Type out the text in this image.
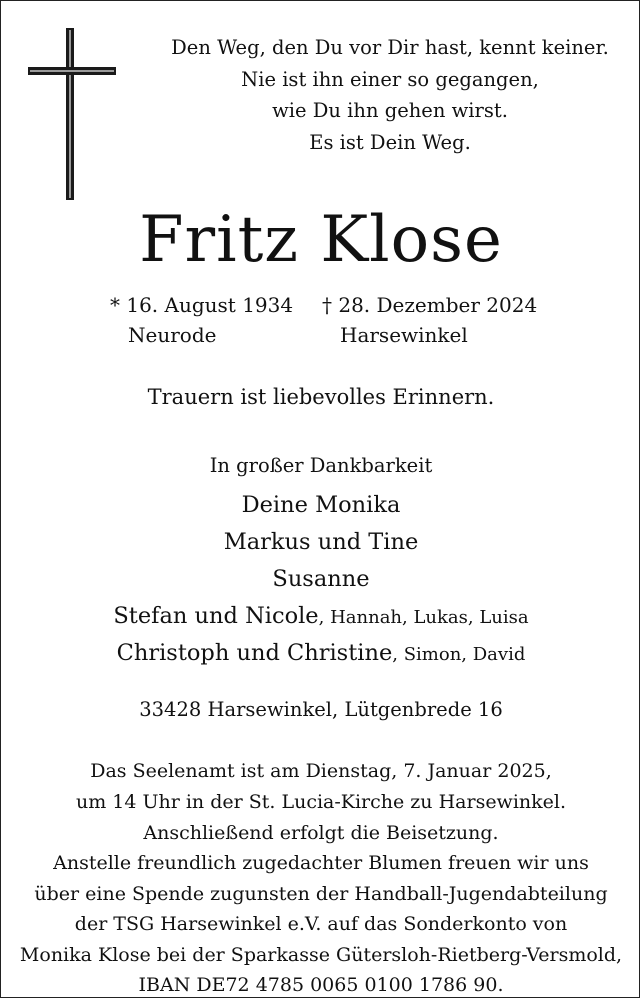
Den Weg, den Du vor Dir hast, kennt keiner.
Nie ist ihn einer so gegangen,
wie Du ihn gehen wirst.
Es ist Dein Weg.
Fritz Klose
* 16. August 1934
Neurode
† 28. Dezember 2024
Harsewinkel
Trauern ist liebevolles Erinnern.
In großer Dankbarkeit
Deine Monika
Markus und Tine
Susanne
Stefan und Nicole, Hannah, Lukas, Luisa
Christoph und Christine, Simon, David
33428 Harsewinkel, Lütgenbrede 16
Das Seelenamt ist am Dienstag, 7. Januar 2025,
um 14 Uhr in der St. Lucia-Kirche zu Harsewinkel.
Anschließend erfolgt die Beisetzung.
Anstelle freundlich zugedachter Blumen freuen wir uns
über eine Spende zugunsten der Handball-Jugendabteilung
der TSG Harsewinkel e.V. auf das Sonderkonto von
Monika Klose bei der Sparkasse Gütersloh-Rietberg-Versmold,
IBAN DE72 4785 0065 0100 1786 90.
